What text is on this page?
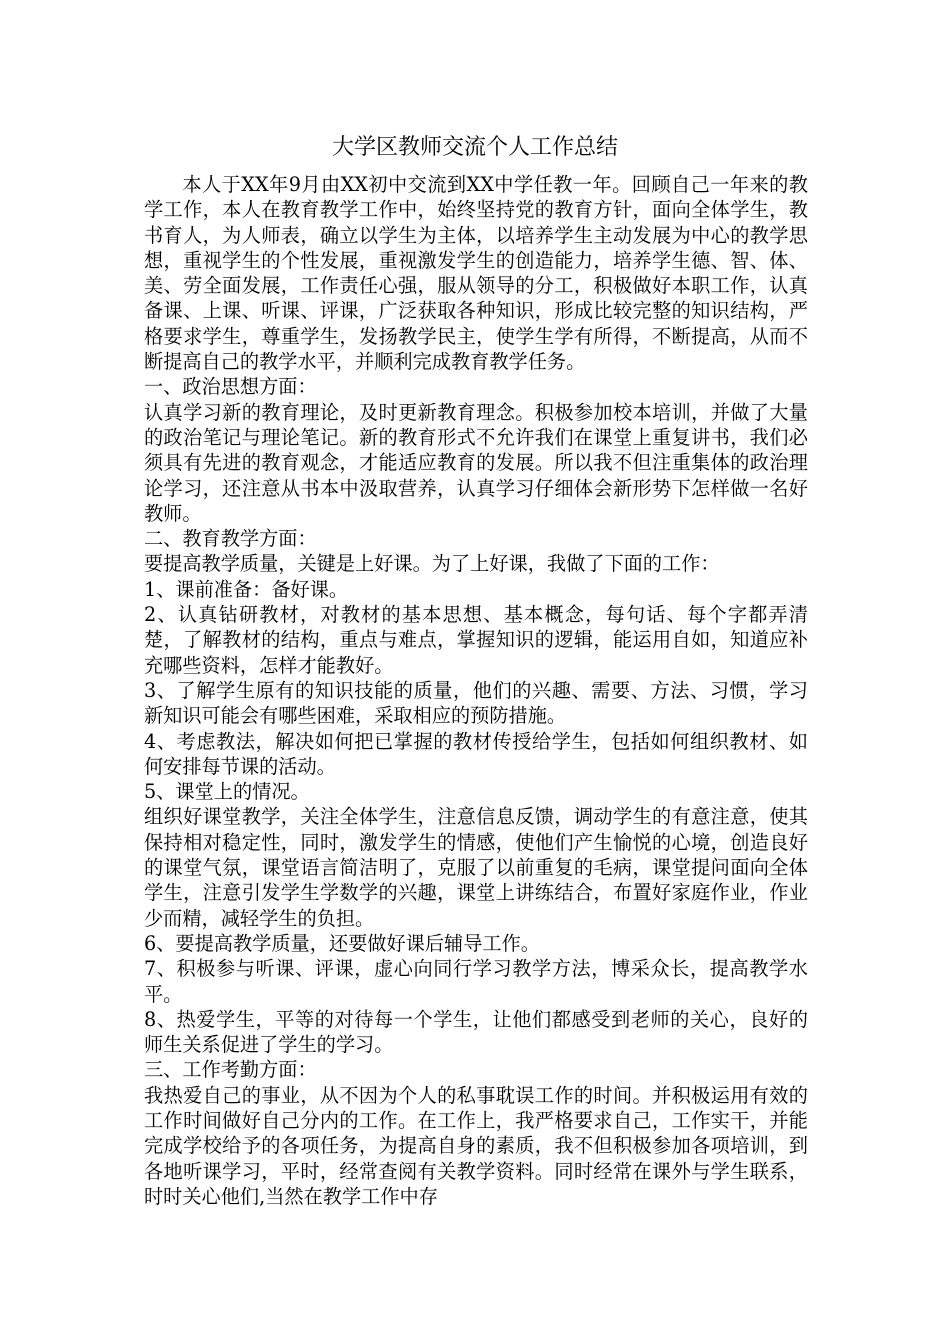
大学区教师交流个人工作总结

本人于XX年9月由XX初中交流到XX中学任教一年。回顾自己一年来的教学工作，本人在教育教学工作中，始终坚持党的教育方针，面向全体学生，教书育人，为人师表，确立以学生为主体，以培养学生主动发展为中心的教学思想，重视学生的个性发展，重视激发学生的创造能力，培养学生德、智、体、美、劳全面发展，工作责任心强，服从领导的分工，积极做好本职工作，认真备课、上课、听课、评课，广泛获取各种知识，形成比较完整的知识结构，严格要求学生，尊重学生，发扬教学民主，使学生学有所得，不断提高，从而不断提高自己的教学水平，并顺利完成教育教学任务。

一、政治思想方面：

认真学习新的教育理论，及时更新教育理念。积极参加校本培训，并做了大量的政治笔记与理论笔记。新的教育形式不允许我们在课堂上重复讲书，我们必须具有先进的教育观念，才能适应教育的发展。所以我不但注重集体的政治理论学习，还注意从书本中汲取营养，认真学习仔细体会新形势下怎样做一名好教师。

二、教育教学方面：

要提高教学质量，关键是上好课。为了上好课，我做了下面的工作：

1、课前准备：备好课。

2、认真钻研教材，对教材的基本思想、基本概念，每句话、每个字都弄清楚，了解教材的结构，重点与难点，掌握知识的逻辑，能运用自如，知道应补充哪些资料，怎样才能教好。

3、了解学生原有的知识技能的质量，他们的兴趣、需要、方法、习惯，学习新知识可能会有哪些困难，采取相应的预防措施。

4、考虑教法，解决如何把已掌握的教材传授给学生，包括如何组织教材、如何安排每节课的活动。

5、课堂上的情况。

组织好课堂教学，关注全体学生，注意信息反馈，调动学生的有意注意，使其保持相对稳定性，同时，激发学生的情感，使他们产生愉悦的心境，创造良好的课堂气氛，课堂语言简洁明了，克服了以前重复的毛病，课堂提问面向全体学生，注意引发学生学数学的兴趣，课堂上讲练结合，布置好家庭作业，作业少而精，减轻学生的负担。

6、要提高教学质量，还要做好课后辅导工作。

7、积极参与听课、评课，虚心向同行学习教学方法，博采众长，提高教学水平。

8、热爱学生，平等的对待每一个学生，让他们都感受到老师的关心，良好的师生关系促进了学生的学习。

三、工作考勤方面：

我热爱自己的事业，从不因为个人的私事耽误工作的时间。并积极运用有效的工作时间做好自己分内的工作。在工作上，我严格要求自己，工作实干，并能完成学校给予的各项任务，为提高自身的素质，我不但积极参加各项培训，到各地听课学习，平时，经常查阅有关教学资料。同时经常在课外与学生联系，时时关心他们,当然在教学工作中存
